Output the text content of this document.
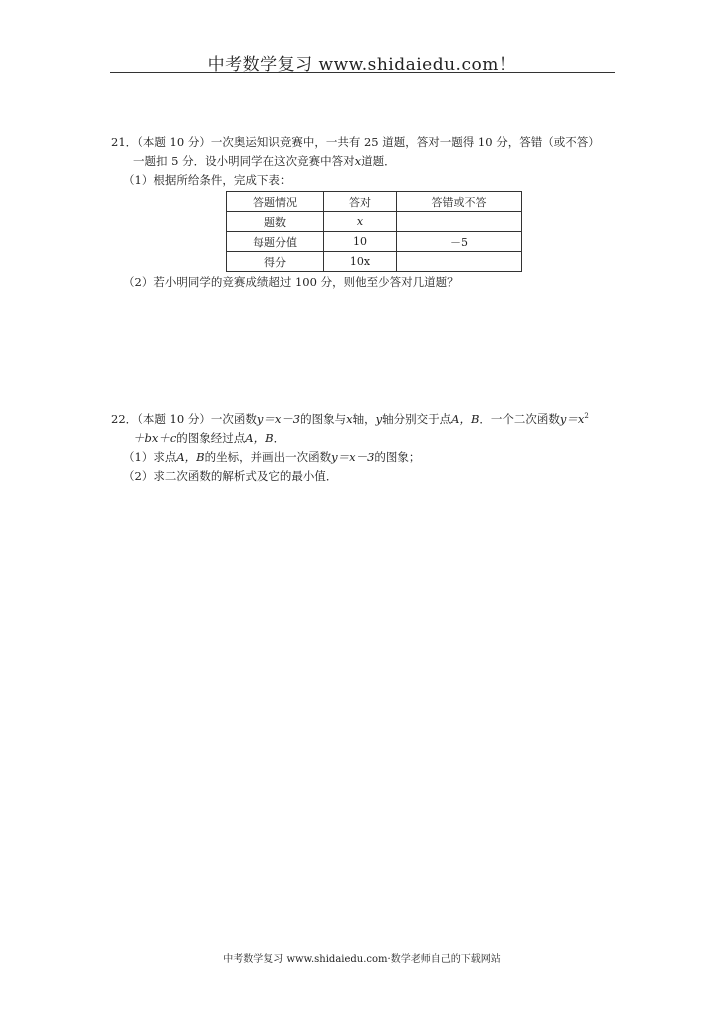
中考数学复习 www.shidaiedu.com！
21．（本题 10 分）一次奥运知识竞赛中，一共有 25 道题，答对一题得 10 分，答错（或不答）
一题扣 5 分．设小明同学在这次竞赛中答对x道题．
（1）根据所给条件，完成下表：
答题情况	答对	答错或不答
题数	x	
每题分值	10	－5
得分	10x	
（2）若小明同学的竞赛成绩超过 100 分，则他至少答对几道题？
22．（本题 10 分）一次函数y＝x－3的图象与x轴，y轴分别交于点A，B．一个二次函数$y=x^2$
＋bx＋c的图象经过点A，B．
（1）求点A，B的坐标，并画出一次函数y＝x－3的图象；
（2）求二次函数的解析式及它的最小值．
中考数学复习 www.shidaiedu.com·数学老师自己的下载网站
